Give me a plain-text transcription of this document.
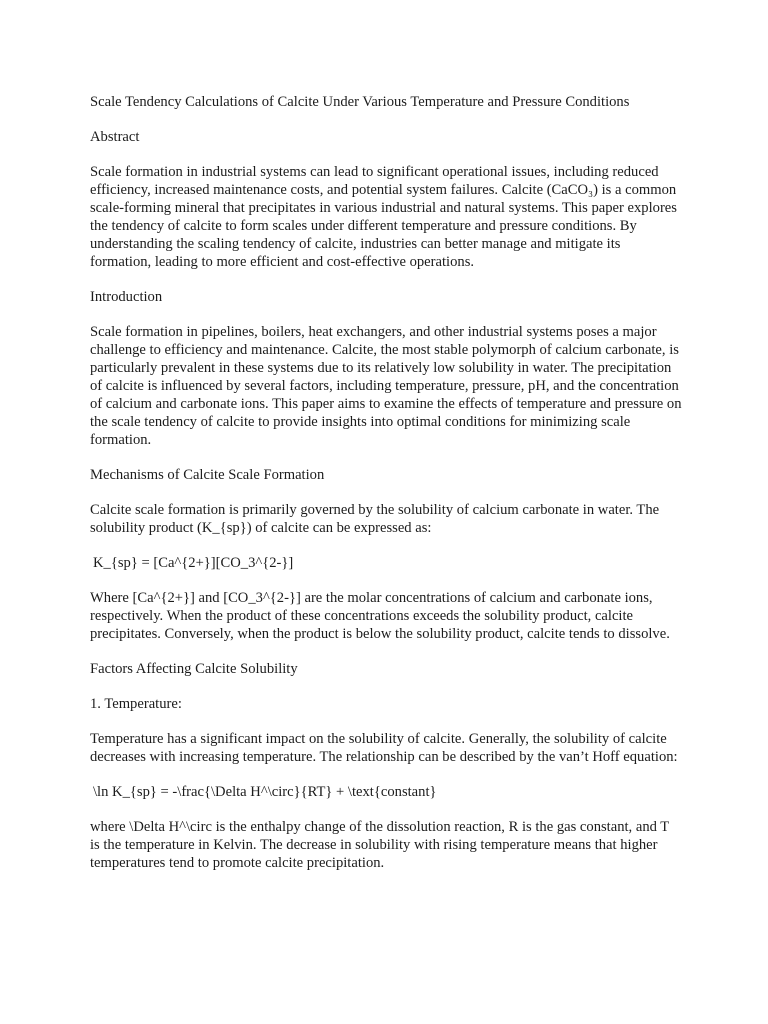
Scale Tendency Calculations of Calcite Under Various Temperature and Pressure Conditions

Abstract

Scale formation in industrial systems can lead to significant operational issues, including reduced efficiency, increased maintenance costs, and potential system failures. Calcite (CaCO₃) is a common scale-forming mineral that precipitates in various industrial and natural systems. This paper explores the tendency of calcite to form scales under different temperature and pressure conditions. By understanding the scaling tendency of calcite, industries can better manage and mitigate its formation, leading to more efficient and cost-effective operations.

Introduction

Scale formation in pipelines, boilers, heat exchangers, and other industrial systems poses a major challenge to efficiency and maintenance. Calcite, the most stable polymorph of calcium carbonate, is particularly prevalent in these systems due to its relatively low solubility in water. The precipitation of calcite is influenced by several factors, including temperature, pressure, pH, and the concentration of calcium and carbonate ions. This paper aims to examine the effects of temperature and pressure on the scale tendency of calcite to provide insights into optimal conditions for minimizing scale formation.

Mechanisms of Calcite Scale Formation

Calcite scale formation is primarily governed by the solubility of calcium carbonate in water. The solubility product (K_{sp}) of calcite can be expressed as:

K_{sp} = [Ca^{2+}][CO_3^{2-}]

Where [Ca^{2+}] and [CO_3^{2-}] are the molar concentrations of calcium and carbonate ions, respectively. When the product of these concentrations exceeds the solubility product, calcite precipitates. Conversely, when the product is below the solubility product, calcite tends to dissolve.

Factors Affecting Calcite Solubility

1. Temperature:

Temperature has a significant impact on the solubility of calcite. Generally, the solubility of calcite decreases with increasing temperature. The relationship can be described by the van’t Hoff equation:

\ln K_{sp} = -\frac{\Delta H^\circ}{RT} + \text{constant}

where \Delta H^\circ is the enthalpy change of the dissolution reaction, R is the gas constant, and T is the temperature in Kelvin. The decrease in solubility with rising temperature means that higher temperatures tend to promote calcite precipitation.
